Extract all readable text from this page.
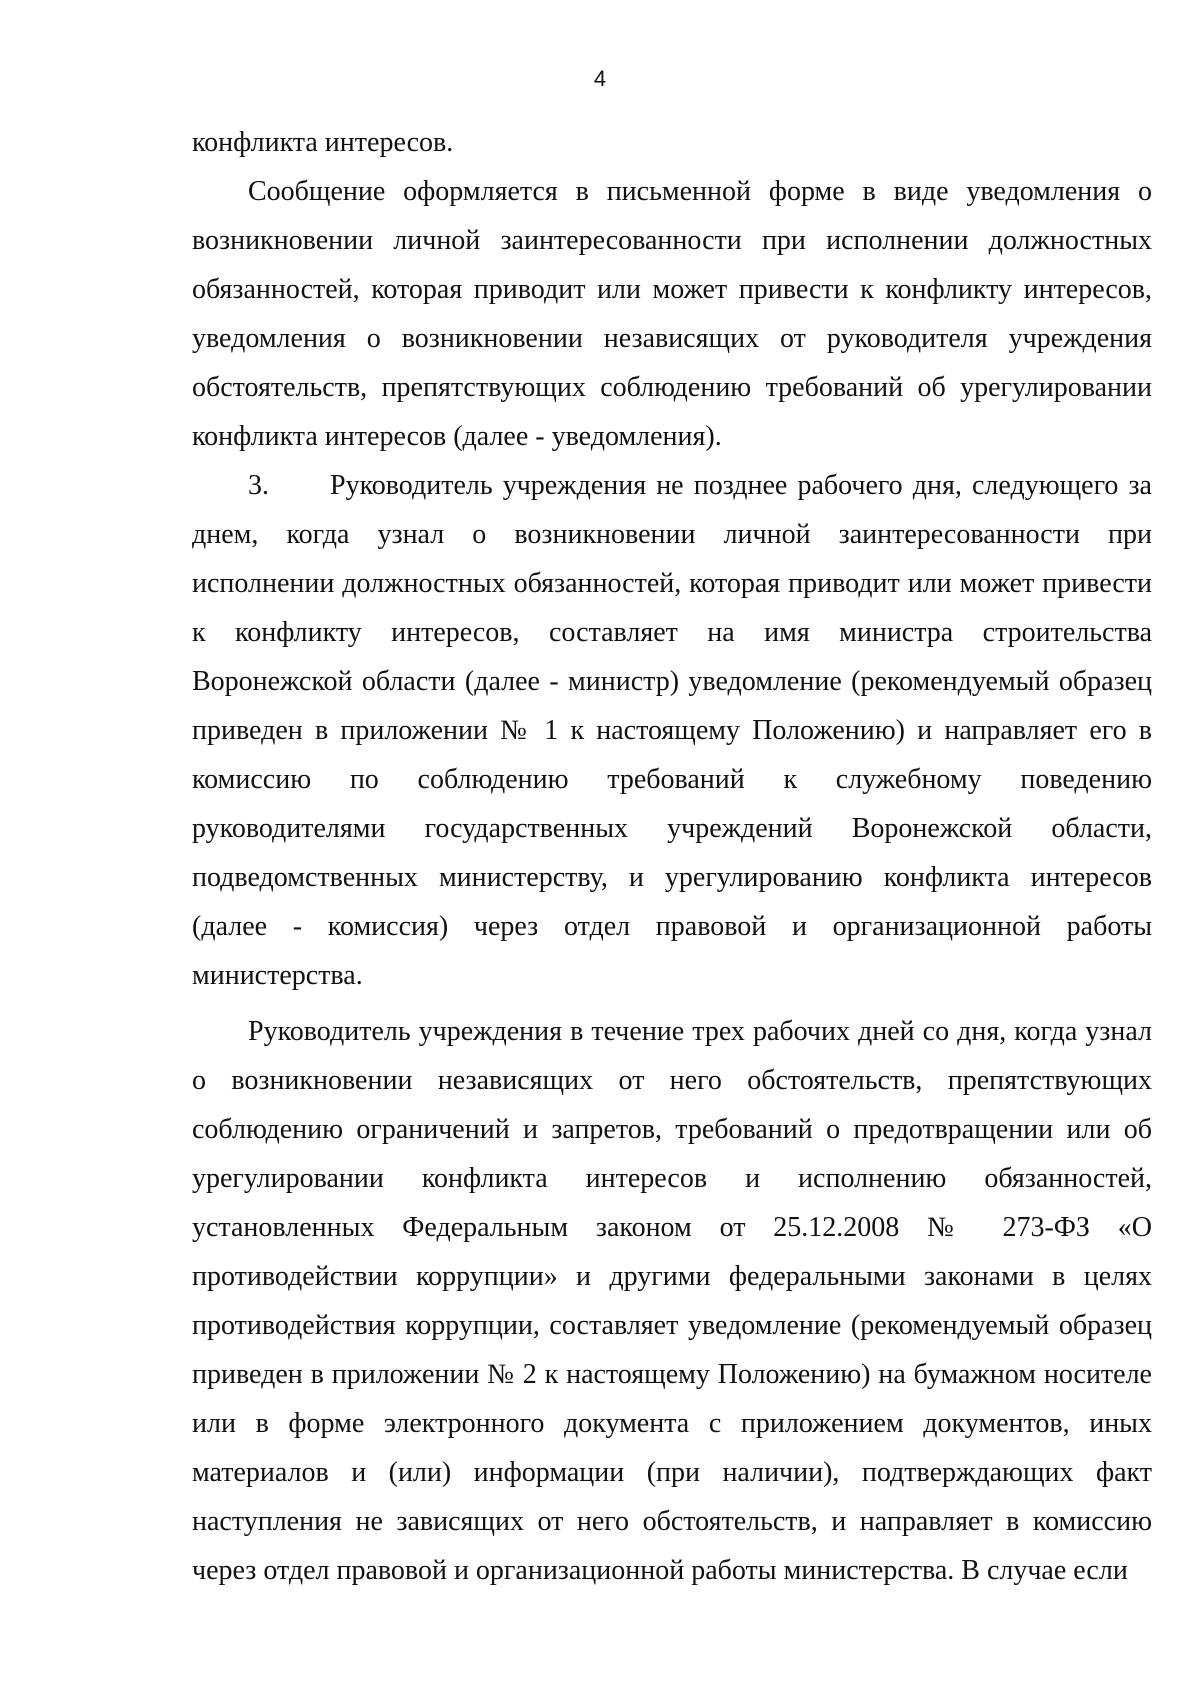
4

конфликта интересов.

Сообщение оформляется в письменной форме в виде уведомления о возникновении личной заинтересованности при исполнении должностных обязанностей, которая приводит или может привести к конфликту интересов, уведомления о возникновении независящих от руководителя учреждения обстоятельств, препятствующих соблюдению требований об урегулировании конфликта интересов (далее - уведомления).

3. Руководитель учреждения не позднее рабочего дня, следующего за днем, когда узнал о возникновении личной заинтересованности при исполнении должностных обязанностей, которая приводит или может привести к конфликту интересов, составляет на имя министра строительства Воронежской области (далее - министр) уведомление (рекомендуемый образец приведен в приложении № 1 к настоящему Положению) и направляет его в комиссию по соблюдению требований к служебному поведению руководителями государственных учреждений Воронежской области, подведомственных министерству, и урегулированию конфликта интересов (далее - комиссия) через отдел правовой и организационной работы министерства.

Руководитель учреждения в течение трех рабочих дней со дня, когда узнал о возникновении независящих от него обстоятельств, препятствующих соблюдению ограничений и запретов, требований о предотвращении или об урегулировании конфликта интересов и исполнению обязанностей, установленных Федеральным законом от 25.12.2008 № 273-ФЗ «О противодействии коррупции» и другими федеральными законами в целях противодействия коррупции, составляет уведомление (рекомендуемый образец приведен в приложении № 2 к настоящему Положению) на бумажном носителе или в форме электронного документа с приложением документов, иных материалов и (или) информации (при наличии), подтверждающих факт наступления не зависящих от него обстоятельств, и направляет в комиссию через отдел правовой и организационной работы министерства. В случае если
